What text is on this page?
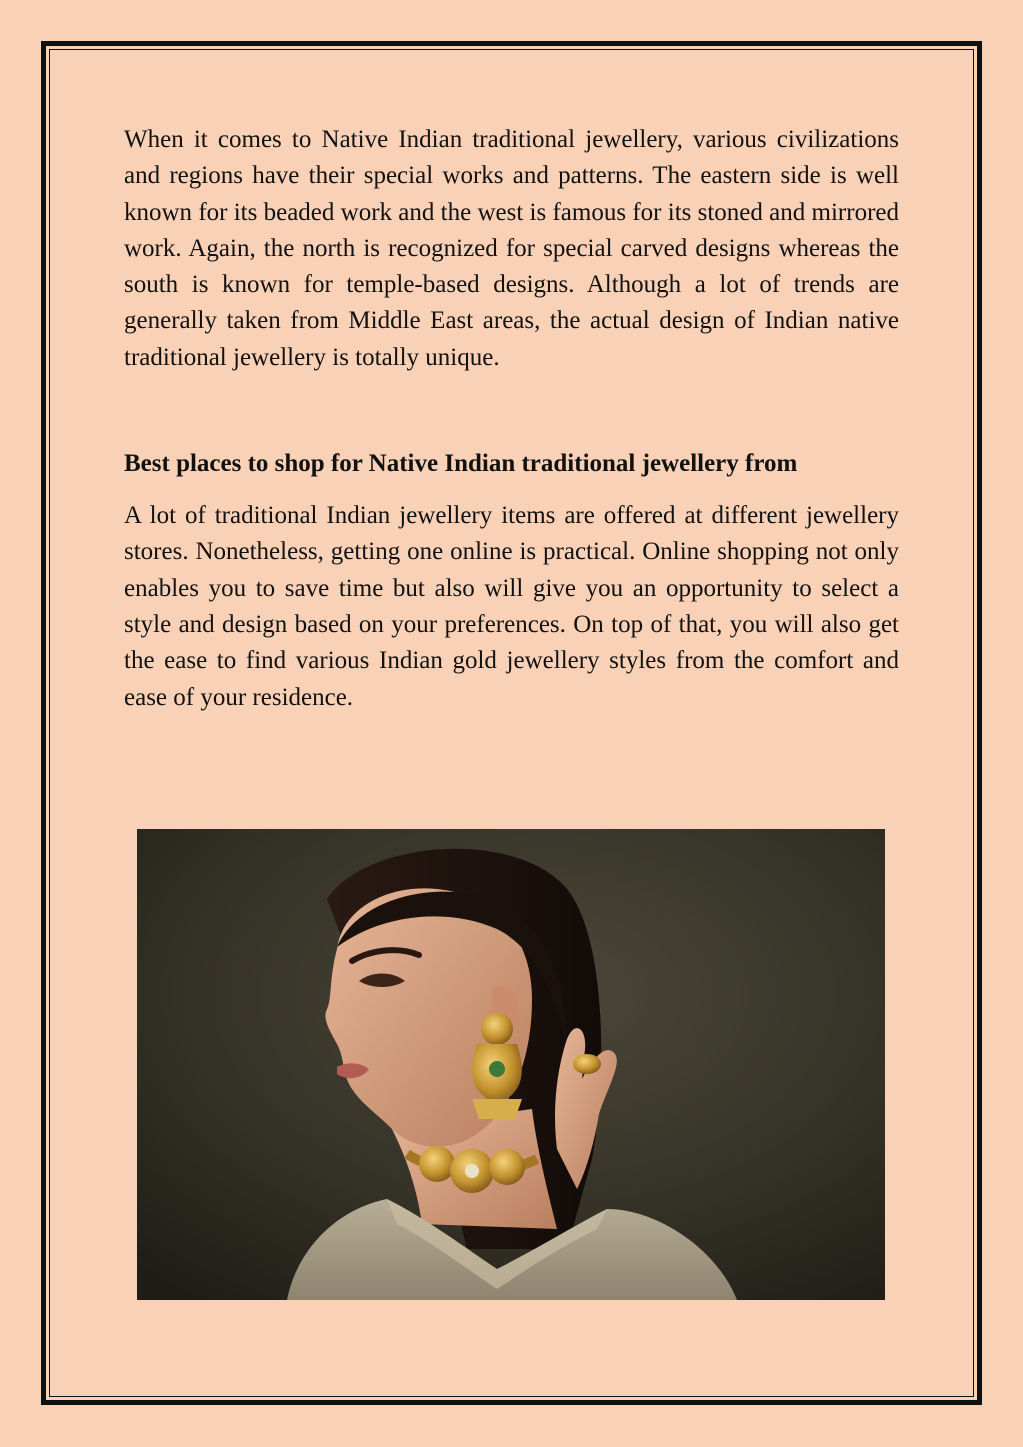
When it comes to Native Indian traditional jewellery, various civilizations and regions have their special works and patterns. The eastern side is well known for its beaded work and the west is famous for its stoned and mirrored work. Again, the north is recognized for special carved designs whereas the south is known for temple-based designs. Although a lot of trends are generally taken from Middle East areas, the actual design of Indian native traditional jewellery is totally unique.

Best places to shop for Native Indian traditional jewellery from

A lot of traditional Indian jewellery items are offered at different jewellery stores. Nonetheless, getting one online is practical. Online shopping not only enables you to save time but also will give you an opportunity to select a style and design based on your preferences. On top of that, you will also get the ease to find various Indian gold jewellery styles from the comfort and ease of your residence.
